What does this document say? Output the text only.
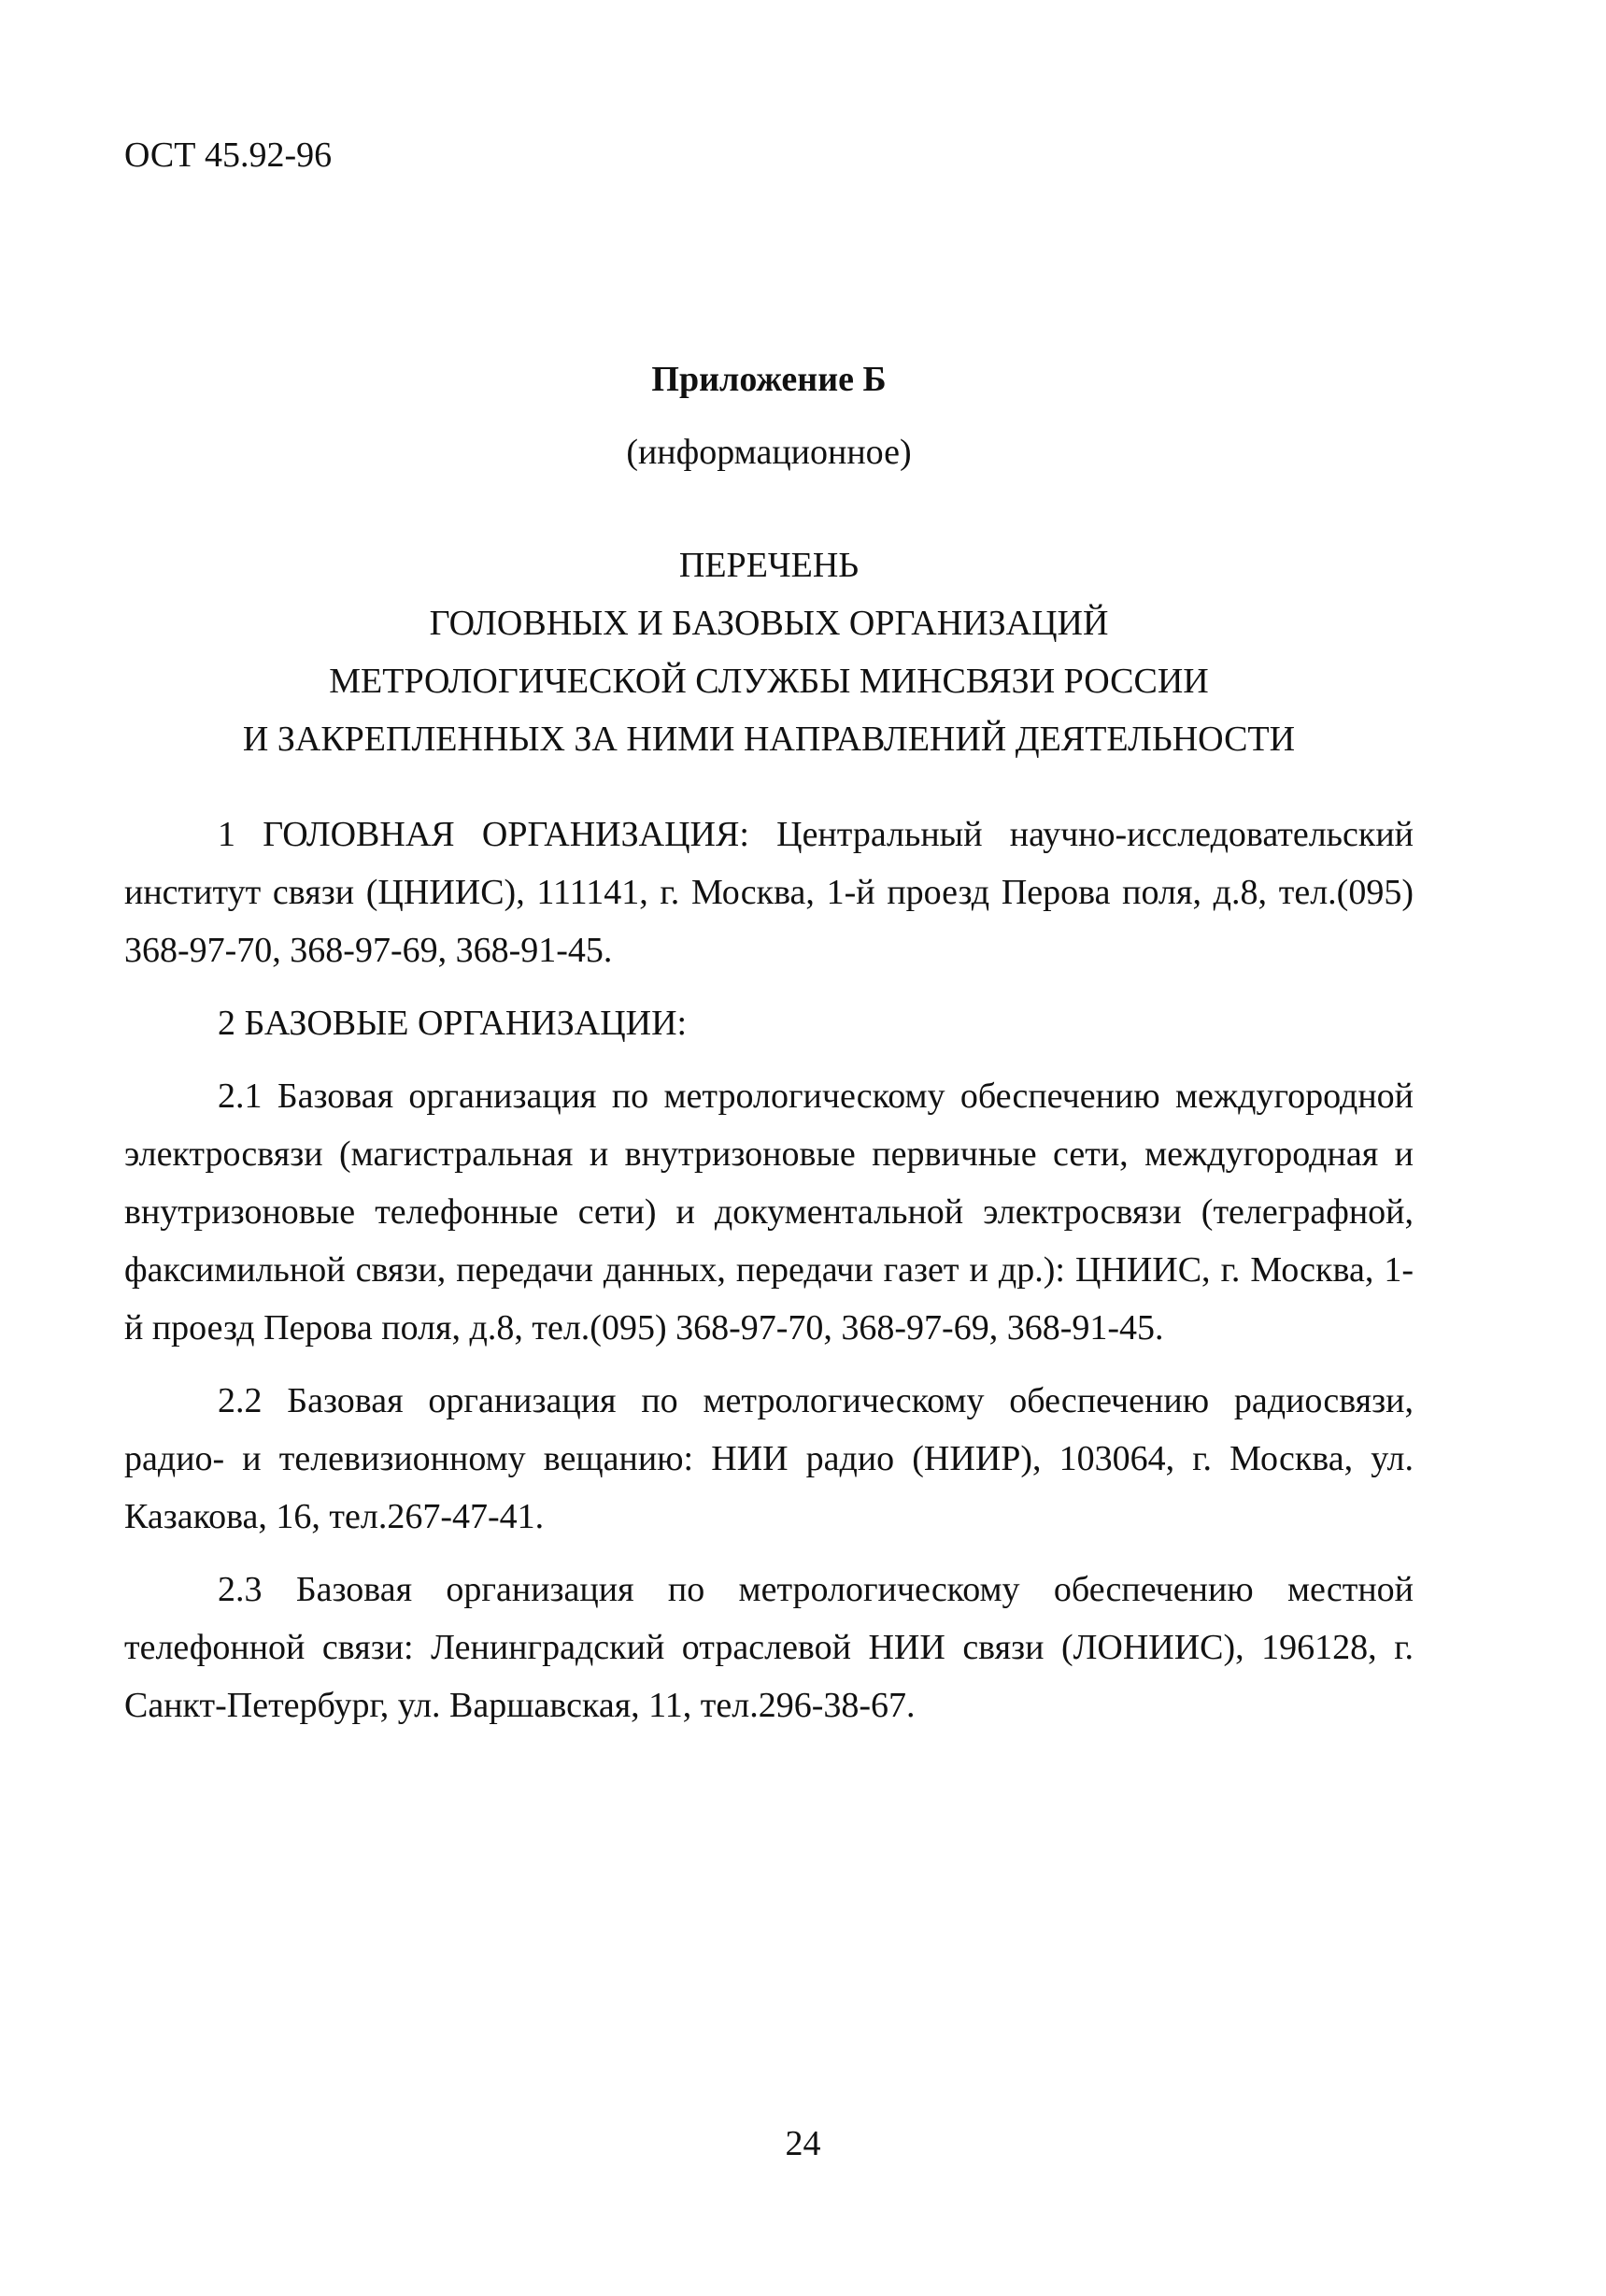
ОСТ 45.92-96
Приложение Б
(информационное)
ПЕРЕЧЕНЬ
ГОЛОВНЫХ И БАЗОВЫХ ОРГАНИЗАЦИЙ
МЕТРОЛОГИЧЕСКОЙ СЛУЖБЫ МИНСВЯЗИ РОССИИ
И ЗАКРЕПЛЕННЫХ ЗА НИМИ НАПРАВЛЕНИЙ ДЕЯТЕЛЬНОСТИ

1 ГОЛОВНАЯ ОРГАНИЗАЦИЯ: Центральный научно-исследовательский институт связи (ЦНИИС), 111141, г. Москва, 1-й проезд Перова поля, д.8, тел.(095) 368-97-70, 368-97-69, 368-91-45.

2 БАЗОВЫЕ ОРГАНИЗАЦИИ:

2.1 Базовая организация по метрологическому обеспечению междугородной электросвязи (магистральная и внутризоновые первичные сети, междугородная и внутризоновые телефонные сети) и документальной электросвязи (телеграфной, факсимильной связи, передачи данных, передачи газет и др.): ЦНИИС, г. Москва, 1-й проезд Перова поля, д.8, тел.(095) 368-97-70, 368-97-69, 368-91-45.

2.2 Базовая организация по метрологическому обеспечению радиосвязи, радио- и телевизионному вещанию: НИИ радио (НИИР), 103064, г. Москва, ул. Казакова, 16, тел.267-47-41.

2.3 Базовая организация по метрологическому обеспечению местной телефонной связи: Ленинградский отраслевой НИИ связи (ЛОНИИС), 196128, г. Санкт-Петербург, ул. Варшавская, 11, тел.296-38-67.

24
